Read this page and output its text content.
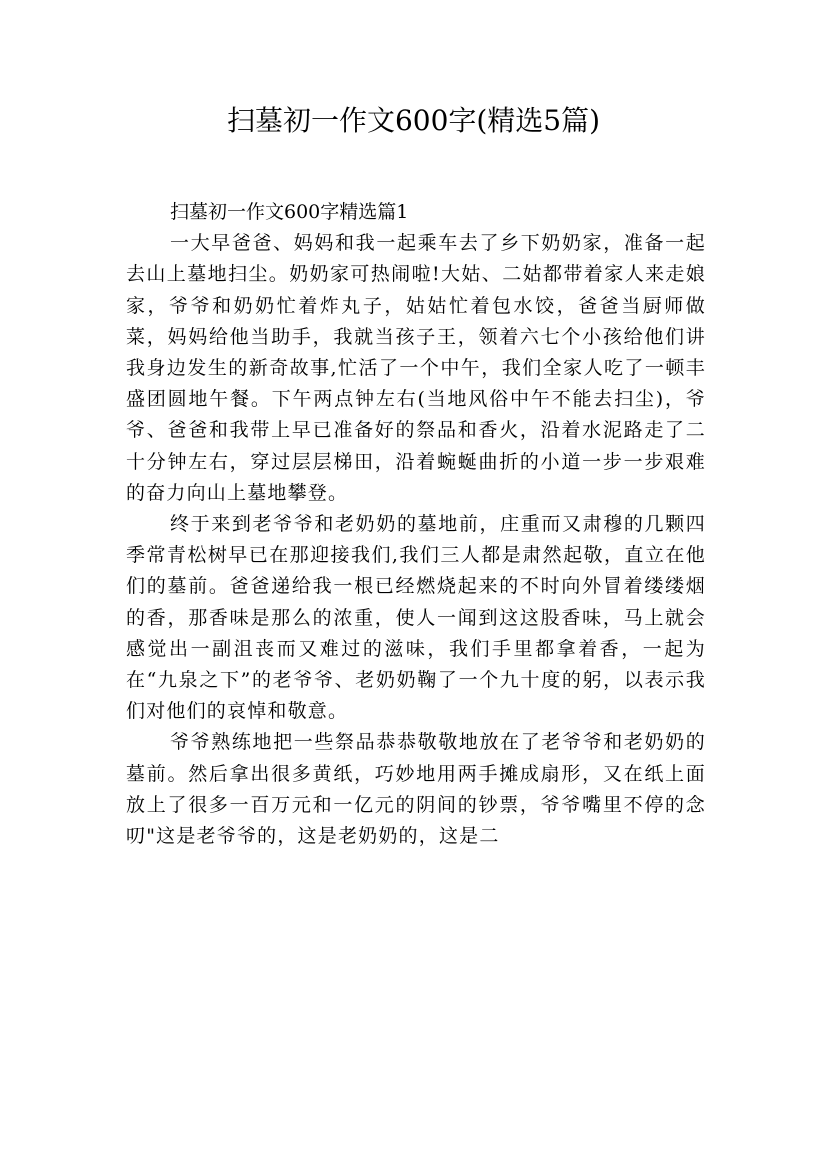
扫墓初一作文600字(精选5篇)

扫墓初一作文600字精选篇1

一大早爸爸、妈妈和我一起乘车去了乡下奶奶家，准备一起去山上墓地扫尘。奶奶家可热闹啦!大姑、二姑都带着家人来走娘家，爷爷和奶奶忙着炸丸子，姑姑忙着包水饺，爸爸当厨师做菜，妈妈给他当助手，我就当孩子王，领着六七个小孩给他们讲我身边发生的新奇故事,忙活了一个中午，我们全家人吃了一顿丰盛团圆地午餐。下午两点钟左右(当地风俗中午不能去扫尘)，爷爷、爸爸和我带上早已准备好的祭品和香火，沿着水泥路走了二十分钟左右，穿过层层梯田，沿着蜿蜒曲折的小道一步一步艰难的奋力向山上墓地攀登。

终于来到老爷爷和老奶奶的墓地前，庄重而又肃穆的几颗四季常青松树早已在那迎接我们,我们三人都是肃然起敬，直立在他们的墓前。爸爸递给我一根已经燃烧起来的不时向外冒着缕缕烟的香，那香味是那么的浓重，使人一闻到这这股香味，马上就会感觉出一副沮丧而又难过的滋味，我们手里都拿着香，一起为在“九泉之下”的老爷爷、老奶奶鞠了一个九十度的躬，以表示我们对他们的哀悼和敬意。

爷爷熟练地把一些祭品恭恭敬敬地放在了老爷爷和老奶奶的墓前。然后拿出很多黄纸，巧妙地用两手摊成扇形，又在纸上面放上了很多一百万元和一亿元的阴间的钞票，爷爷嘴里不停的念叨"这是老爷爷的，这是老奶奶的，这是二
